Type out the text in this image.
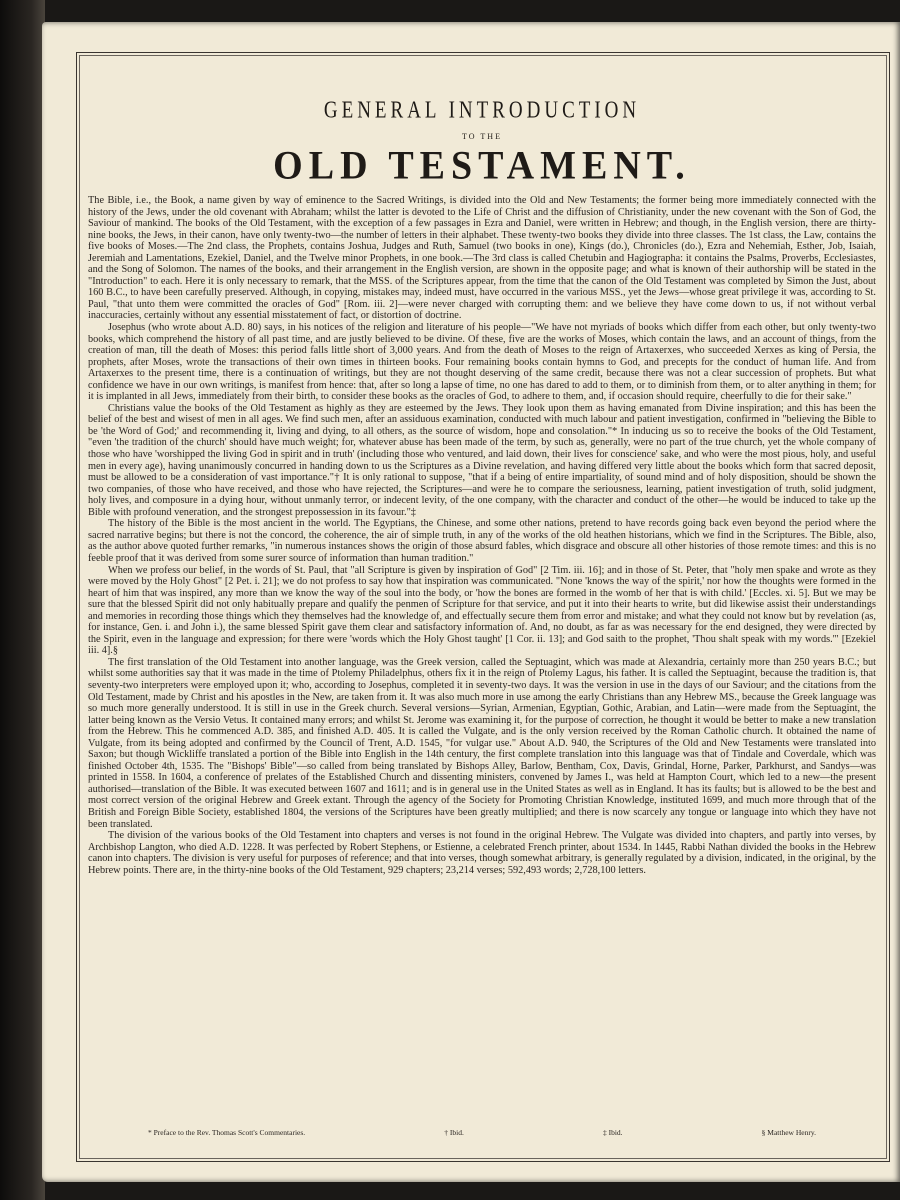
GENERAL INTRODUCTION
TO THE
OLD TESTAMENT.

The Bible, i.e., the Book, a name given by way of eminence to the Sacred Writings, is divided into the Old and New Testaments; the former being more immediately connected with the history of the Jews, under the old covenant with Abraham; whilst the latter is devoted to the Life of Christ and the diffusion of Christianity, under the new covenant with the Son of God, the Saviour of mankind. The books of the Old Testament, with the exception of a few passages in Ezra and Daniel, were written in Hebrew; and though, in the English version, there are thirty-nine books, the Jews, in their canon, have only twenty-two—the number of letters in their alphabet. These twenty-two books they divide into three classes. The 1st class, the Law, contains the five books of Moses.—The 2nd class, the Prophets, contains Joshua, Judges and Ruth, Samuel (two books in one), Kings (do.), Chronicles (do.), Ezra and Nehemiah, Esther, Job, Isaiah, Jeremiah and Lamentations, Ezekiel, Daniel, and the Twelve minor Prophets, in one book.—The 3rd class is called Chetubin and Hagiographa: it contains the Psalms, Proverbs, Ecclesiastes, and the Song of Solomon. The names of the books, and their arrangement in the English version, are shown in the opposite page; and what is known of their authorship will be stated in the "Introduction" to each. Here it is only necessary to remark, that the MSS. of the Scriptures appear, from the time that the canon of the Old Testament was completed by Simon the Just, about 160 B.C., to have been carefully preserved. Although, in copying, mistakes may, indeed must, have occurred in the various MSS., yet the Jews—whose great privilege it was, according to St. Paul, "that unto them were committed the oracles of God" [Rom. iii. 2]—were never charged with corrupting them: and we believe they have come down to us, if not without verbal inaccuracies, certainly without any essential misstatement of fact, or distortion of doctrine.

Josephus (who wrote about A.D. 80) says, in his notices of the religion and literature of his people—"We have not myriads of books which differ from each other, but only twenty-two books, which comprehend the history of all past time, and are justly believed to be divine. Of these, five are the works of Moses, which contain the laws, and an account of things, from the creation of man, till the death of Moses: this period falls little short of 3,000 years. And from the death of Moses to the reign of Artaxerxes, who succeeded Xerxes as king of Persia, the prophets, after Moses, wrote the transactions of their own times in thirteen books. Four remaining books contain hymns to God, and precepts for the conduct of human life. And from Artaxerxes to the present time, there is a continuation of writings, but they are not thought deserving of the same credit, because there was not a clear succession of prophets. But what confidence we have in our own writings, is manifest from hence: that, after so long a lapse of time, no one has dared to add to them, or to diminish from them, or to alter anything in them; for it is implanted in all Jews, immediately from their birth, to consider these books as the oracles of God, to adhere to them, and, if occasion should require, cheerfully to die for their sake."

Christians value the books of the Old Testament as highly as they are esteemed by the Jews. They look upon them as having emanated from Divine inspiration; and this has been the belief of the best and wisest of men in all ages. We find such men, after an assiduous examination, conducted with much labour and patient investigation, confirmed in "believing the Bible to be 'the Word of God;' and recommending it, living and dying, to all others, as the source of wisdom, hope and consolation."* In inducing us so to receive the books of the Old Testament, "even 'the tradition of the church' should have much weight; for, whatever abuse has been made of the term, by such as, generally, were no part of the true church, yet the whole company of those who have 'worshipped the living God in spirit and in truth' (including those who ventured, and laid down, their lives for conscience' sake, and who were the most pious, holy, and useful men in every age), having unanimously concurred in handing down to us the Scriptures as a Divine revelation, and having differed very little about the books which form that sacred deposit, must be allowed to be a consideration of vast importance."† It is only rational to suppose, "that if a being of entire impartiality, of sound mind and of holy disposition, should be shown the two companies, of those who have received, and those who have rejected, the Scriptures—and were he to compare the seriousness, learning, patient investigation of truth, solid judgment, holy lives, and composure in a dying hour, without unmanly terror, or indecent levity, of the one company, with the character and conduct of the other—he would be induced to take up the Bible with profound veneration, and the strongest prepossession in its favour."‡

The history of the Bible is the most ancient in the world. The Egyptians, the Chinese, and some other nations, pretend to have records going back even beyond the period where the sacred narrative begins; but there is not the concord, the coherence, the air of simple truth, in any of the works of the old heathen historians, which we find in the Scriptures. The Bible, also, as the author above quoted further remarks, "in numerous instances shows the origin of those absurd fables, which disgrace and obscure all other histories of those remote times: and this is no feeble proof that it was derived from some surer source of information than human tradition."

When we profess our belief, in the words of St. Paul, that "all Scripture is given by inspiration of God" [2 Tim. iii. 16]; and in those of St. Peter, that "holy men spake and wrote as they were moved by the Holy Ghost" [2 Pet. i. 21]; we do not profess to say how that inspiration was communicated. "None 'knows the way of the spirit,' nor how the thoughts were formed in the heart of him that was inspired, any more than we know the way of the soul into the body, or 'how the bones are formed in the womb of her that is with child.' [Eccles. xi. 5]. But we may be sure that the blessed Spirit did not only habitually prepare and qualify the penmen of Scripture for that service, and put it into their hearts to write, but did likewise assist their understandings and memories in recording those things which they themselves had the knowledge of, and effectually secure them from error and mistake; and what they could not know but by revelation (as, for instance, Gen. i. and John i.), the same blessed Spirit gave them clear and satisfactory information of. And, no doubt, as far as was necessary for the end designed, they were directed by the Spirit, even in the language and expression; for there were 'words which the Holy Ghost taught' [1 Cor. ii. 13]; and God saith to the prophet, 'Thou shalt speak with my words.'" [Ezekiel iii. 4].§

The first translation of the Old Testament into another language, was the Greek version, called the Septuagint, which was made at Alexandria, certainly more than 250 years B.C.; but whilst some authorities say that it was made in the time of Ptolemy Philadelphus, others fix it in the reign of Ptolemy Lagus, his father. It is called the Septuagint, because the tradition is, that seventy-two interpreters were employed upon it; who, according to Josephus, completed it in seventy-two days. It was the version in use in the days of our Saviour; and the citations from the Old Testament, made by Christ and his apostles in the New, are taken from it. It was also much more in use among the early Christians than any Hebrew MS., because the Greek language was so much more generally understood. It is still in use in the Greek church. Several versions—Syrian, Armenian, Egyptian, Gothic, Arabian, and Latin—were made from the Septuagint, the latter being known as the Versio Vetus. It contained many errors; and whilst St. Jerome was examining it, for the purpose of correction, he thought it would be better to make a new translation from the Hebrew. This he commenced A.D. 385, and finished A.D. 405. It is called the Vulgate, and is the only version received by the Roman Catholic church. It obtained the name of Vulgate, from its being adopted and confirmed by the Council of Trent, A.D. 1545, "for vulgar use." About A.D. 940, the Scriptures of the Old and New Testaments were translated into Saxon; but though Wickliffe translated a portion of the Bible into English in the 14th century, the first complete translation into this language was that of Tindale and Coverdale, which was finished October 4th, 1535. The "Bishops' Bible"—so called from being translated by Bishops Alley, Barlow, Bentham, Cox, Davis, Grindal, Horne, Parker, Parkhurst, and Sandys—was printed in 1558. In 1604, a conference of prelates of the Established Church and dissenting ministers, convened by James I., was held at Hampton Court, which led to a new—the present authorised—translation of the Bible. It was executed between 1607 and 1611; and is in general use in the United States as well as in England. It has its faults; but is allowed to be the best and most correct version of the original Hebrew and Greek extant. Through the agency of the Society for Promoting Christian Knowledge, instituted 1699, and much more through that of the British and Foreign Bible Society, established 1804, the versions of the Scriptures have been greatly multiplied; and there is now scarcely any tongue or language into which they have not been translated.

The division of the various books of the Old Testament into chapters and verses is not found in the original Hebrew. The Vulgate was divided into chapters, and partly into verses, by Archbishop Langton, who died A.D. 1228. It was perfected by Robert Stephens, or Estienne, a celebrated French printer, about 1534. In 1445, Rabbi Nathan divided the books in the Hebrew canon into chapters. The division is very useful for purposes of reference; and that into verses, though somewhat arbitrary, is generally regulated by a division, indicated, in the original, by the Hebrew points. There are, in the thirty-nine books of the Old Testament, 929 chapters; 23,214 verses; 592,493 words; 2,728,100 letters.

* Preface to the Rev. Thomas Scott's Commentaries.	† Ibid.	‡ Ibid.	§ Matthew Henry.
